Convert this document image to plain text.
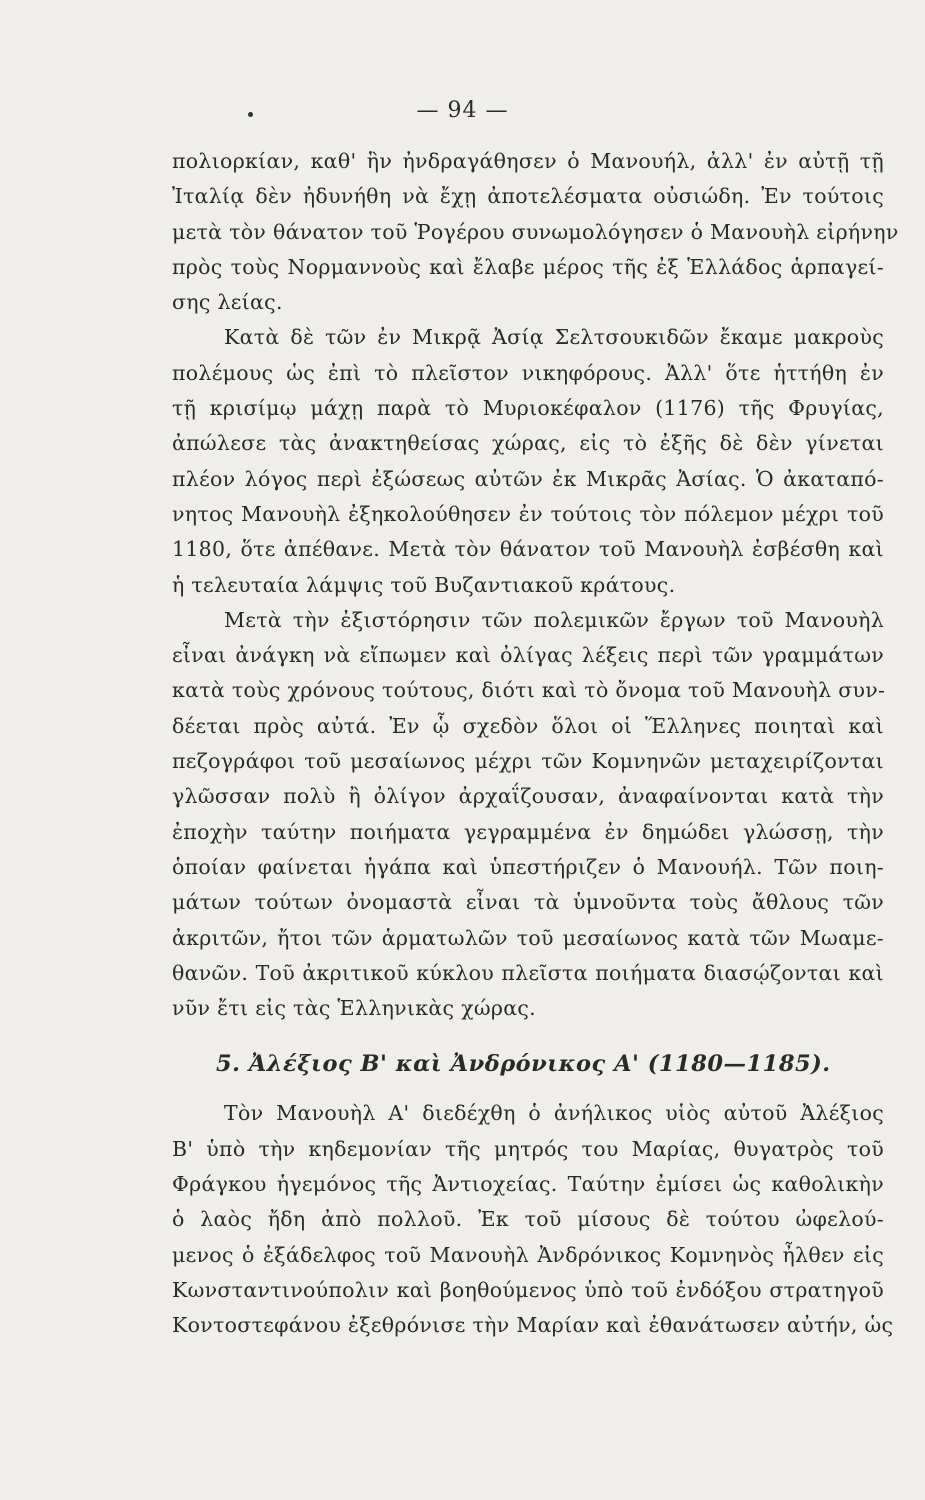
— 94 —
πολιορκίαν, καθ' ἣν ἠνδραγάθησεν ὁ Μανουήλ, ἀλλ' ἐν αὐτῇ τῇ
Ἰταλίᾳ δὲν ἠδυνήθη νὰ ἔχῃ ἀποτελέσματα οὐσιώδη. Ἐν τούτοις
μετὰ τὸν θάνατον τοῦ Ῥογέρου συνωμολόγησεν ὁ Μανουὴλ εἰρήνην
πρὸς τοὺς Νορμαννοὺς καὶ ἔλαβε μέρος τῆς ἐξ Ἑλλάδος ἁρπαγεί-
σης λείας.
Κατὰ δὲ τῶν ἐν Μικρᾷ Ἀσίᾳ Σελτσουκιδῶν ἔκαμε μακροὺς
πολέμους ὡς ἐπὶ τὸ πλεῖστον νικηφόρους. Ἀλλ' ὅτε ἡττήθη ἐν
τῇ κρισίμῳ μάχῃ παρὰ τὸ Μυριοκέφαλον (1176) τῆς Φρυγίας,
ἀπώλεσε τὰς ἀνακτηθείσας χώρας, εἰς τὸ ἐξῆς δὲ δὲν γίνεται
πλέον λόγος περὶ ἐξώσεως αὐτῶν ἐκ Μικρᾶς Ἀσίας. Ὁ ἀκαταπό-
νητος Μανουὴλ ἐξηκολούθησεν ἐν τούτοις τὸν πόλεμον μέχρι τοῦ
1180, ὅτε ἀπέθανε. Μετὰ τὸν θάνατον τοῦ Μανουὴλ ἐσβέσθη καὶ
ἡ τελευταία λάμψις τοῦ Βυζαντιακοῦ κράτους.
Μετὰ τὴν ἐξιστόρησιν τῶν πολεμικῶν ἔργων τοῦ Μανουὴλ
εἶναι ἀνάγκη νὰ εἴπωμεν καὶ ὀλίγας λέξεις περὶ τῶν γραμμάτων
κατὰ τοὺς χρόνους τούτους, διότι καὶ τὸ ὄνομα τοῦ Μανουὴλ συν-
δέεται πρὸς αὐτά. Ἐν ᾧ σχεδὸν ὅλοι οἱ Ἕλληνες ποιηταὶ καὶ
πεζογράφοι τοῦ μεσαίωνος μέχρι τῶν Κομνηνῶν μεταχειρίζονται
γλῶσσαν πολὺ ἢ ὀλίγον ἀρχαΐζουσαν, ἀναφαίνονται κατὰ τὴν
ἐποχὴν ταύτην ποιήματα γεγραμμένα ἐν δημώδει γλώσσῃ, τὴν
ὁποίαν φαίνεται ἠγάπα καὶ ὑπεστήριζεν ὁ Μανουήλ. Τῶν ποιη-
μάτων τούτων ὀνομαστὰ εἶναι τὰ ὑμνοῦντα τοὺς ἄθλους τῶν
ἀκριτῶν, ἤτοι τῶν ἁρματωλῶν τοῦ μεσαίωνος κατὰ τῶν Μωαμε-
θανῶν. Τοῦ ἀκριτικοῦ κύκλου πλεῖστα ποιήματα διασῴζονται καὶ
νῦν ἔτι εἰς τὰς Ἑλληνικὰς χώρας.
5. Ἀλέξιος Β' καὶ Ἀνδρόνικος Α' (1180—1185).
Τὸν Μανουὴλ Α' διεδέχθη ὁ ἀνήλικος υἱὸς αὐτοῦ Ἀλέξιος
Β' ὑπὸ τὴν κηδεμονίαν τῆς μητρός του Μαρίας, θυγατρὸς τοῦ
Φράγκου ἡγεμόνος τῆς Ἀντιοχείας. Ταύτην ἐμίσει ὡς καθολικὴν
ὁ λαὸς ἤδη ἀπὸ πολλοῦ. Ἐκ τοῦ μίσους δὲ τούτου ὠφελού-
μενος ὁ ἐξάδελφος τοῦ Μανουὴλ Ἀνδρόνικος Κομνηνὸς ἦλθεν εἰς
Κωνσταντινούπολιν καὶ βοηθούμενος ὑπὸ τοῦ ἐνδόξου στρατηγοῦ
Κοντοστεφάνου ἐξεθρόνισε τὴν Μαρίαν καὶ ἐθανάτωσεν αὐτήν, ὡς
